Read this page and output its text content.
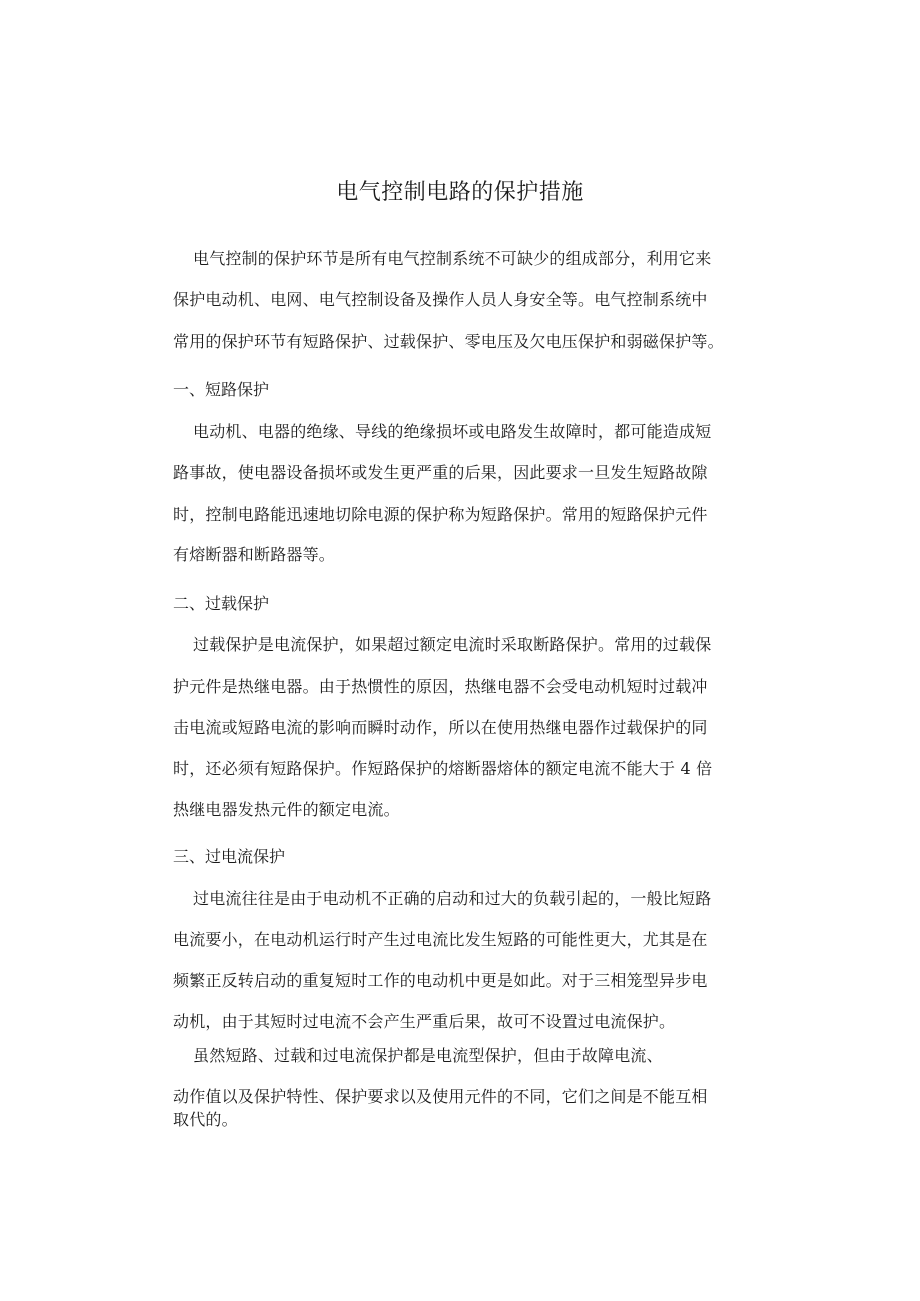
电气控制电路的保护措施

电气控制的保护环节是所有电气控制系统不可缺少的组成部分，利用它来

保护电动机、电网、电气控制设备及操作人员人身安全等。电气控制系统中

常用的保护环节有短路保护、过载保护、零电压及欠电压保护和弱磁保护等。

一、短路保护

电动机、电器的绝缘、导线的绝缘损坏或电路发生故障时，都可能造成短

路事故，使电器设备损坏或发生更严重的后果，因此要求一旦发生短路故隙

时，控制电路能迅速地切除电源的保护称为短路保护。常用的短路保护元件

有熔断器和断路器等。

二、过载保护

过载保护是电流保护，如果超过额定电流时采取断路保护。常用的过载保

护元件是热继电器。由于热惯性的原因，热继电器不会受电动机短时过载冲

击电流或短路电流的影响而瞬时动作，所以在使用热继电器作过载保护的同

时，还必须有短路保护。作短路保护的熔断器熔体的额定电流不能大于 4 倍

热继电器发热元件的额定电流。

三、过电流保护

过电流往往是由于电动机不正确的启动和过大的负载引起的，一般比短路

电流要小，在电动机运行时产生过电流比发生短路的可能性更大，尤其是在

频繁正反转启动的重复短时工作的电动机中更是如此。对于三相笼型异步电

动机，由于其短时过电流不会产生严重后果，故可不设置过电流保护。

虽然短路、过载和过电流保护都是电流型保护，但由于故障电流、

动作值以及保护特性、保护要求以及使用元件的不同，它们之间是不能互相

取代的。
